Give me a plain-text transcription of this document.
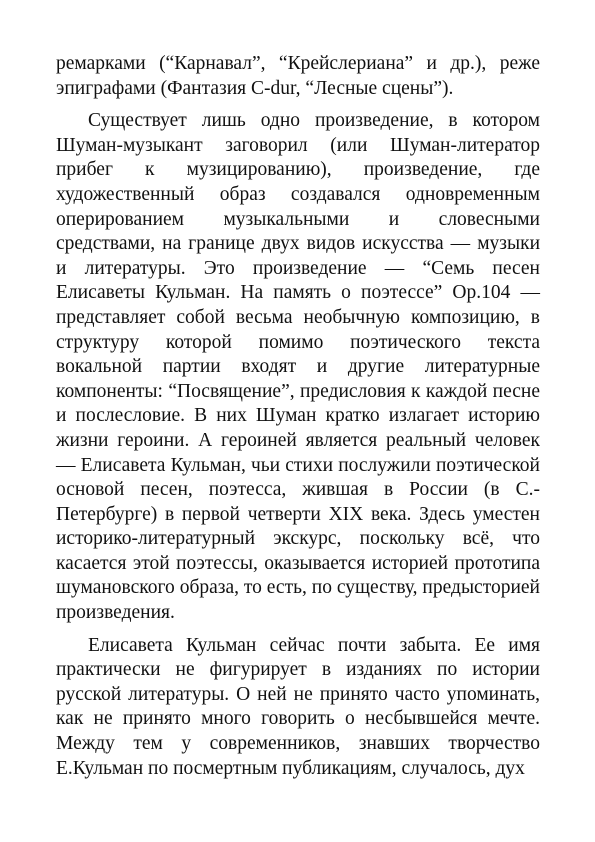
ремарками (“Карнавал”, “Крейслериана” и др.), реже эпиграфами (Фантазия C-dur, “Лесные сцены”).

Существует лишь одно произведение, в котором Шуман-музыкант заговорил (или Шуман-литератор прибег к музицированию), произведение, где художественный образ создавался одновременным оперированием музыкальными и словесными средствами, на границе двух видов искусства — музыки и литературы. Это произведение — “Семь песен Елисаветы Кульман. На память о поэтессе” Op.104 — представляет собой весьма необычную композицию, в структуру которой помимо поэтического текста вокальной партии входят и другие литературные компоненты: “Посвящение”, предисловия к каждой песне и послесловие. В них Шуман кратко излагает историю жизни героини. А героиней является реальный человек — Елисавета Кульман, чьи стихи послужили поэтической основой песен, поэтесса, жившая в России (в С.-Петербурге) в первой четверти XIX века. Здесь уместен историко-литературный экскурс, поскольку всё, что касается этой поэтессы, оказывается историей прототипа шумановского образа, то есть, по существу, предысторией произведения.

Елисавета Кульман сейчас почти забыта. Ее имя практически не фигурирует в изданиях по истории русской литературы. О ней не принято часто упоминать, как не принято много говорить о несбывшейся мечте. Между тем у современников, знавших творчество Е.Кульман по посмертным публикациям, случалось, дух
